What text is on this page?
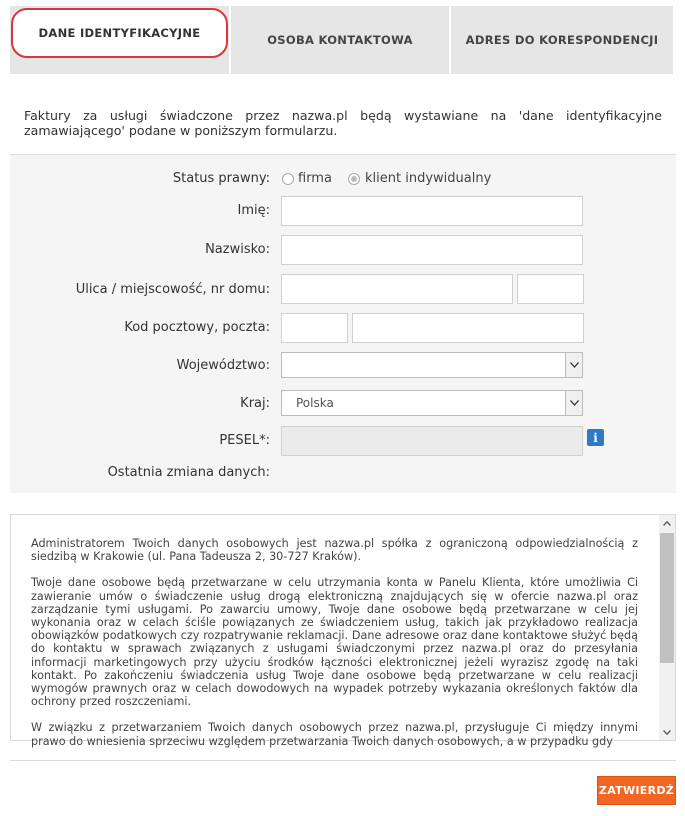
DANE IDENTYFIKACYJNE	OSOBA KONTAKTOWA	ADRES DO KORESPONDENCJI
Faktury za usługi świadczone przez nazwa.pl będą wystawiane na 'dane identyfikacyjne zamawiającego' podane w poniższym formularzu.
Status prawny: firma	klient indywidualny
Imię:
Nazwisko:
Ulica / miejscowość, nr domu:
Kod pocztowy, poczta:
Województwo:
Kraj:	Polska
PESEL*:	i
Ostatnia zmiana danych:

Administratorem Twoich danych osobowych jest nazwa.pl spółka z ograniczoną odpowiedzialnością z siedzibą w Krakowie (ul. Pana Tadeusza 2, 30-727 Kraków).

Twoje dane osobowe będą przetwarzane w celu utrzymania konta w Panelu Klienta, które umożliwia Ci zawieranie umów o świadczenie usług drogą elektroniczną znajdujących się w ofercie nazwa.pl oraz zarządzanie tymi usługami. Po zawarciu umowy, Twoje dane osobowe będą przetwarzane w celu jej wykonania oraz w celach ściśle powiązanych ze świadczeniem usług, takich jak przykładowo realizacja obowiązków podatkowych czy rozpatrywanie reklamacji. Dane adresowe oraz dane kontaktowe służyć będą do kontaktu w sprawach związanych z usługami świadczonymi przez nazwa.pl oraz do przesyłania informacji marketingowych przy użyciu środków łączności elektronicznej jeżeli wyrazisz zgodę na taki kontakt. Po zakończeniu świadczenia usług Twoje dane osobowe będą przetwarzane w celu realizacji wymogów prawnych oraz w celach dowodowych na wypadek potrzeby wykazania określonych faktów dla ochrony przed roszczeniami.

W związku z przetwarzaniem Twoich danych osobowych przez nazwa.pl, przysługuje Ci między innymi prawo do wniesienia sprzeciwu względem przetwarzania Twoich danych osobowych, a w przypadku gdy

ZATWIERDŹ
